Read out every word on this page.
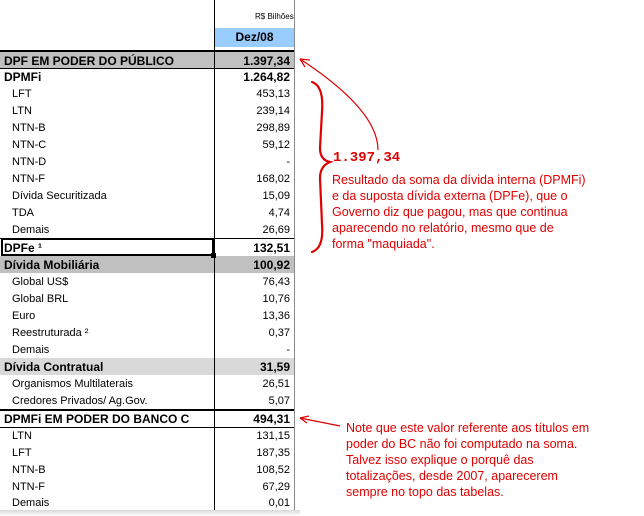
R$ Bilhões
Dez/08
DPF EM PODER DO PÚBLICO	1.397,34
DPMFi	1.264,82
LFT	453,13
LTN	239,14
NTN-B	298,89
NTN-C	59,12
NTN-D	-
NTN-F	168,02
Dívida Securitizada	15,09
TDA	4,74
Demais	26,69
DPFe ¹	132,51
Dívida Mobiliária	100,92
Global US$	76,43
Global BRL	10,76
Euro	13,36
Reestruturada ²	0,37
Demais	-
Dívida Contratual	31,59
Organismos Multilaterais	26,51
Credores Privados/ Ag.Gov.	5,07
DPMFi EM PODER DO BANCO C	494,31
LTN	131,15
LFT	187,35
NTN-B	108,52
NTN-F	67,29
Demais	0,01
1.397,34
Resultado da soma da dívida interna (DPMFi)
e da suposta dívida externa (DPFe), que o
Governo diz que pagou, mas que continua
aparecendo no relatório, mesmo que de
forma "maquiada".
Note que este valor referente aos títulos em
poder do BC não foi computado na soma.
Talvez isso explique o porquê das
totalizações, desde 2007, aparecerem
sempre no topo das tabelas.
